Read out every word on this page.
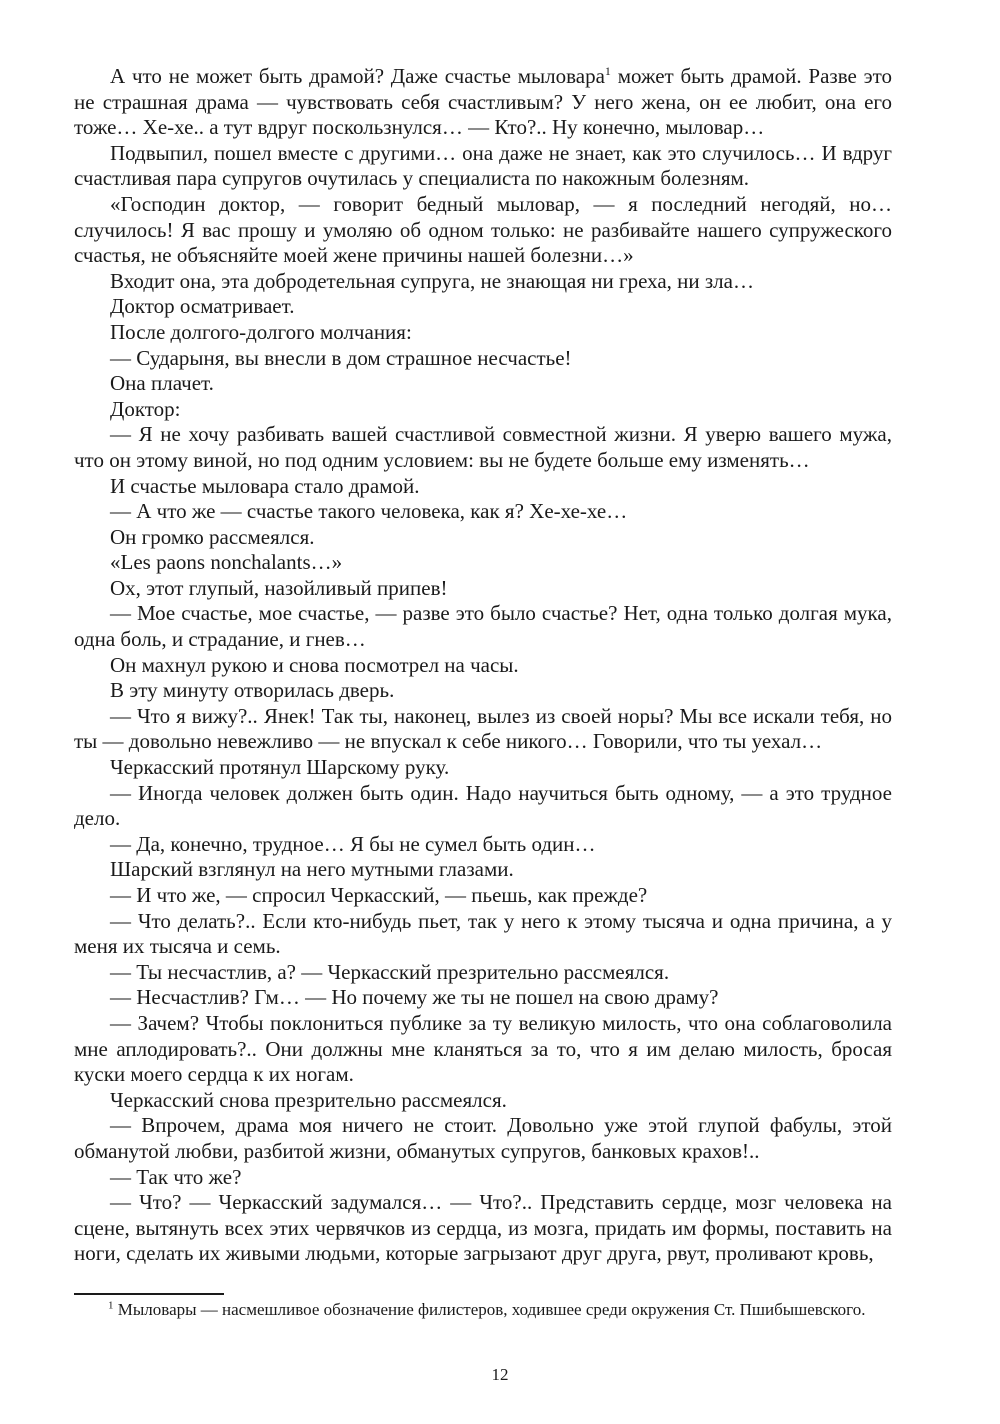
А что не может быть драмой? Даже счастье мыловара$^1$ может быть драмой. Разве это не страшная драма — чувствовать себя счастливым? У него жена, он ее любит, она его тоже… Хе-хе.. а тут вдруг поскользнулся… — Кто?.. Ну конечно, мыловар…

Подвыпил, пошел вместе с другими… она даже не знает, как это случилось… И вдруг счастливая пара супругов очутилась у специалиста по накожным болезням.

«Господин доктор, — говорит бедный мыловар, — я последний негодяй, но… случилось! Я вас прошу и умоляю об одном только: не разбивайте нашего супружеского счастья, не объясняйте моей жене причины нашей болезни…»

Входит она, эта добродетельная супруга, не знающая ни греха, ни зла…

Доктор осматривает.

После долгого-долгого молчания:

— Сударыня, вы внесли в дом страшное несчастье!

Она плачет.

Доктор:

— Я не хочу разбивать вашей счастливой совместной жизни. Я уверю вашего мужа, что он этому виной, но под одним условием: вы не будете больше ему изменять…

И счастье мыловара стало драмой.

— А что же — счастье такого человека, как я? Хе-хе-хе…

Он громко рассмеялся.

«Les paons nonchalants…»

Ох, этот глупый, назойливый припев!

— Мое счастье, мое счастье, — разве это было счастье? Нет, одна только долгая мука, одна боль, и страдание, и гнев…

Он махнул рукою и снова посмотрел на часы.

В эту минуту отворилась дверь.

— Что я вижу?.. Янек! Так ты, наконец, вылез из своей норы? Мы все искали тебя, но ты — довольно невежливо — не впускал к себе никого… Говорили, что ты уехал…

Черкасский протянул Шарскому руку.

— Иногда человек должен быть один. Надо научиться быть одному, — а это трудное дело.

— Да, конечно, трудное… Я бы не сумел быть один…

Шарский взглянул на него мутными глазами.

— И что же, — спросил Черкасский, — пьешь, как прежде?

— Что делать?.. Если кто-нибудь пьет, так у него к этому тысяча и одна причина, а у меня их тысяча и семь.

— Ты несчастлив, а? — Черкасский презрительно рассмеялся.

— Несчастлив? Гм… — Но почему же ты не пошел на свою драму?

— Зачем? Чтобы поклониться публике за ту великую милость, что она соблаговолила мне аплодировать?.. Они должны мне кланяться за то, что я им делаю милость, бросая куски моего сердца к их ногам.

Черкасский снова презрительно рассмеялся.

— Впрочем, драма моя ничего не стоит. Довольно уже этой глупой фабулы, этой обманутой любви, разбитой жизни, обманутых супругов, банковых крахов!..

— Так что же?

— Что? — Черкасский задумался… — Что?.. Представить сердце, мозг человека на сцене, вытянуть всех этих червячков из сердца, из мозга, придать им формы, поставить на ноги, сделать их живыми людьми, которые загрызают друг друга, рвут, проливают кровь,

$^1$ Мыловары — насмешливое обозначение филистеров, ходившее среди окружения Ст. Пшибышевского.

12
